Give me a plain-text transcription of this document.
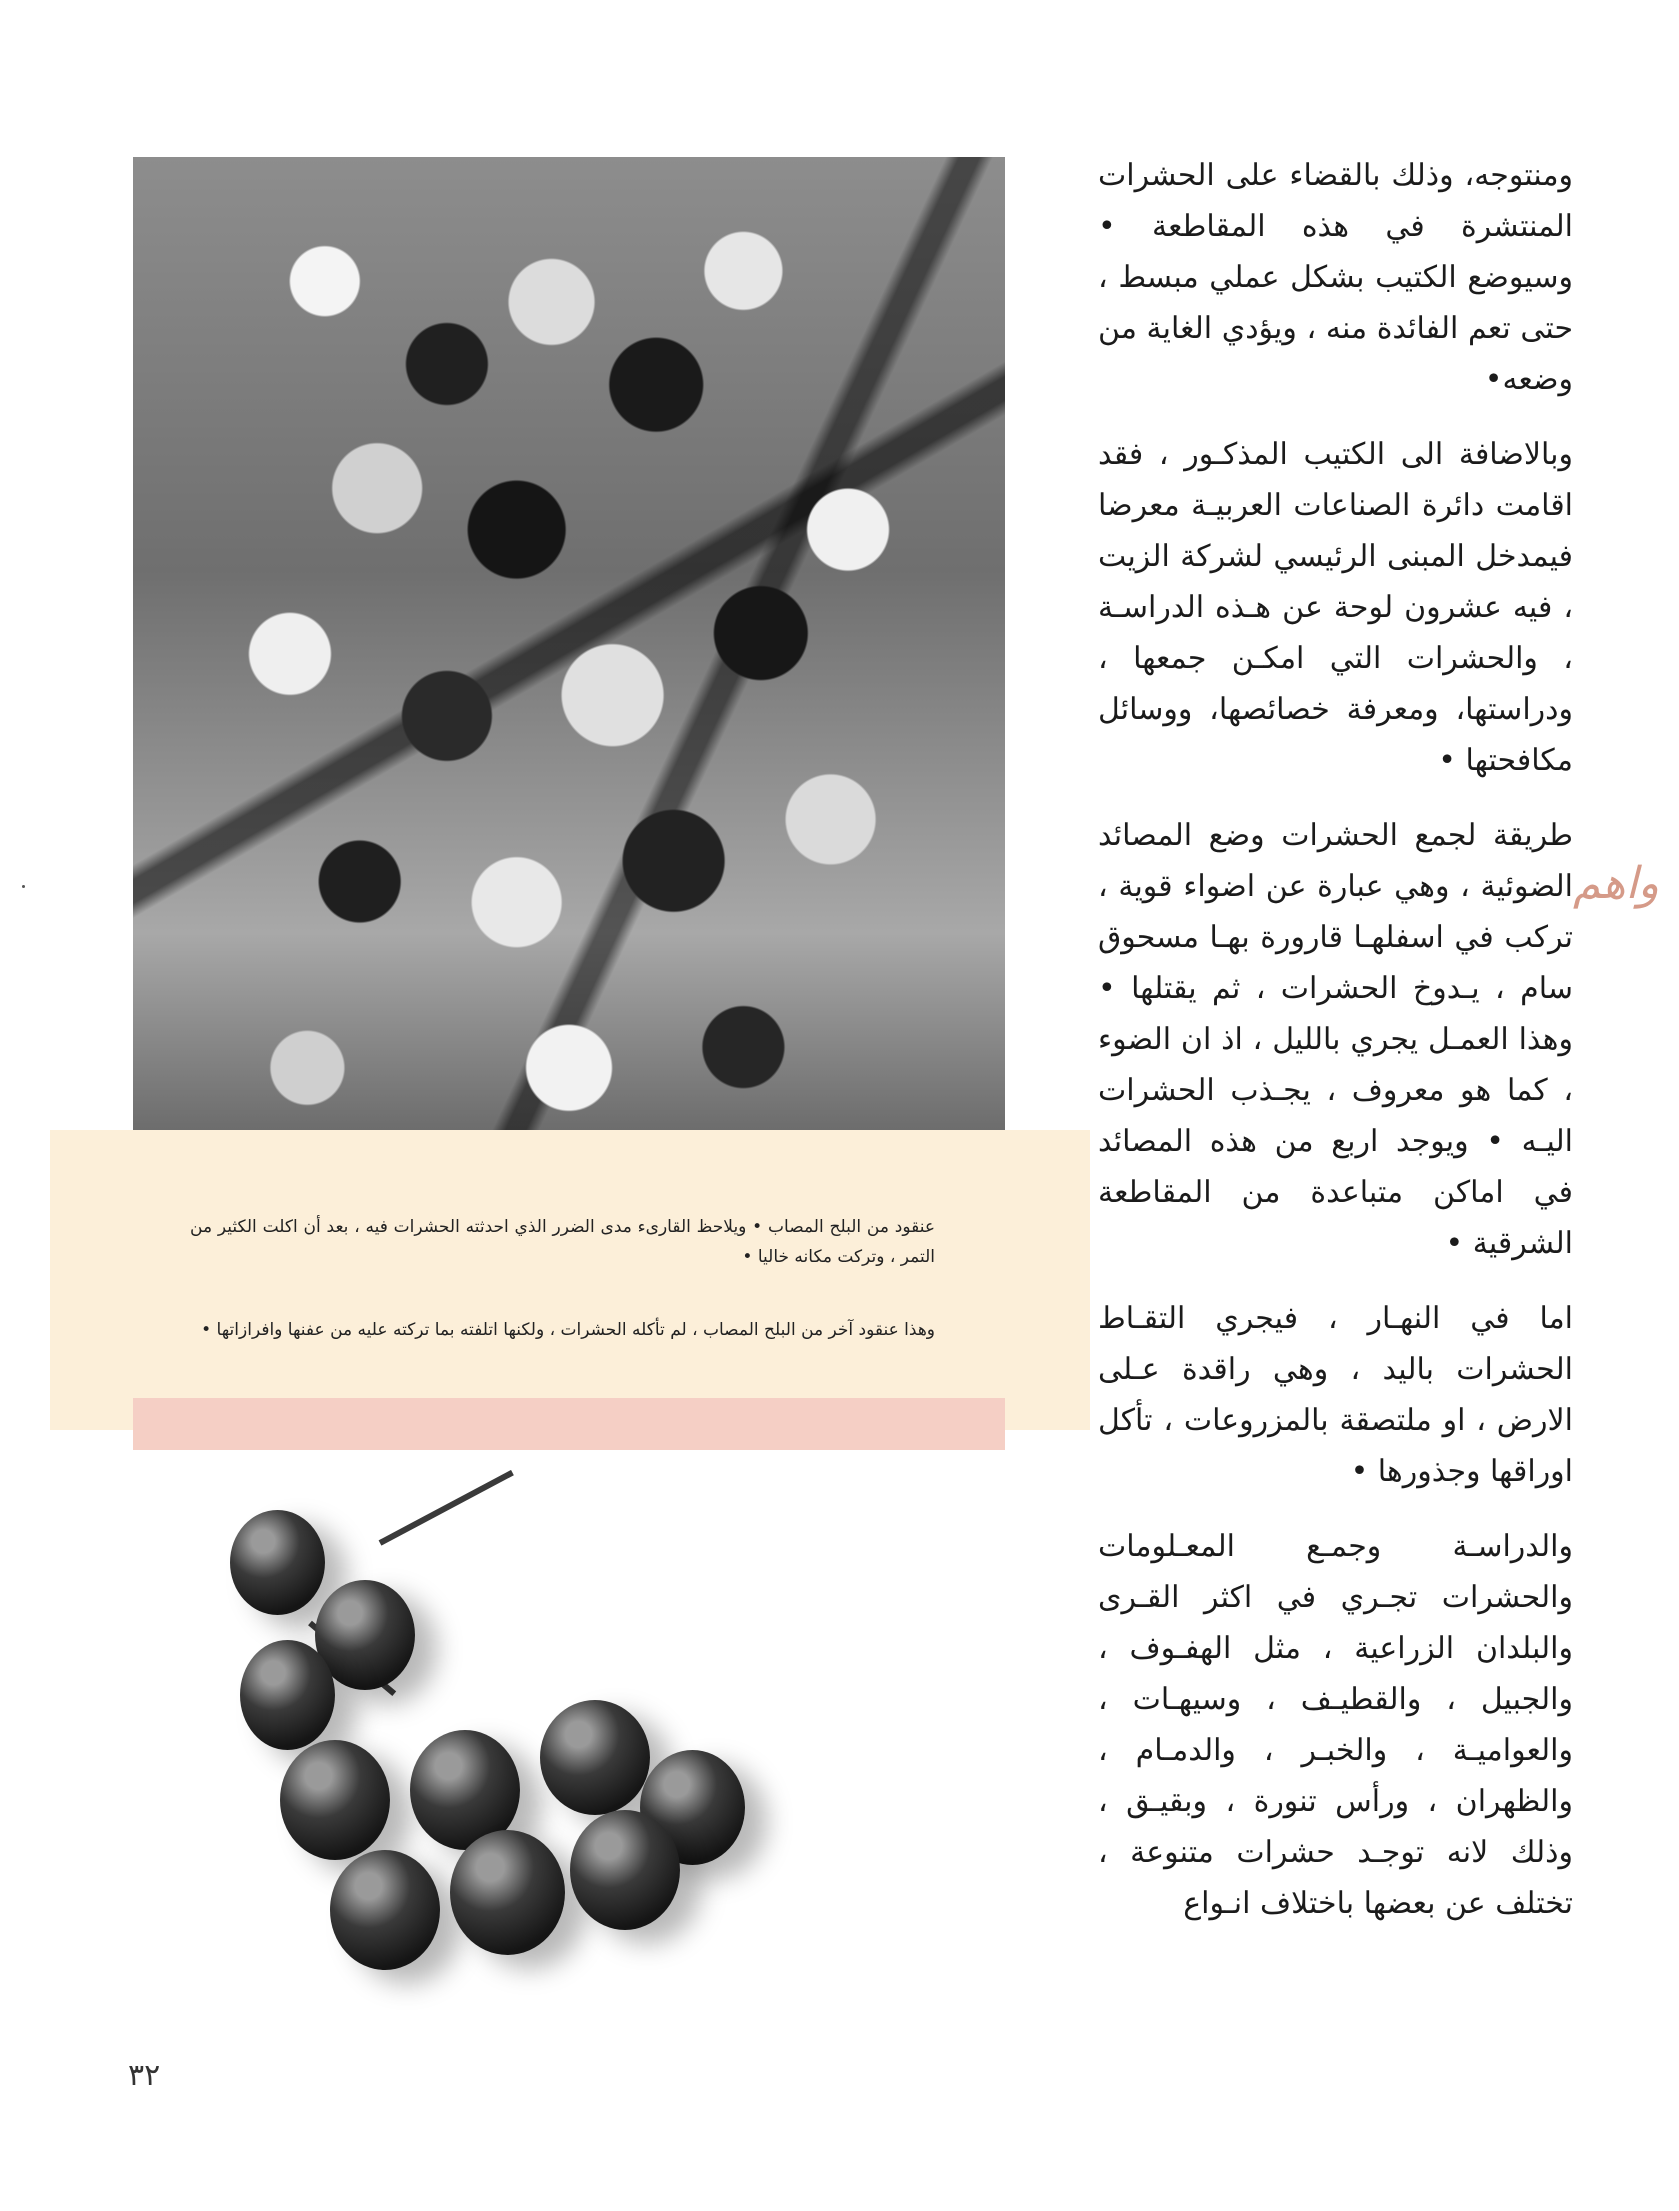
عنقود من البلح المصاب • ويلاحظ القارىء مدى الضرر الذي احدثته الحشرات فيه ، بعد أن اكلت الكثير من التمر ، وتركت مكانه خاليا •
وهذا عنقود آخر من البلح المصاب ، لم تأكله الحشرات ، ولكنها اتلفته بما تركته عليه من عفنها وافرازاتها •

ومنتوجه، وذلك بالقضاء على الحشرات المنتشرة في هذه المقاطعة • وسيوضع الكتيب بشكل عملي مبسط ، حتى تعم الفائدة منه ، ويؤدي الغاية من وضعه•

وبالاضافة الى الكتيب المذكـور ، فقد اقامت دائرة الصناعات العربيـة معرضا فيمدخل المبنى الرئيسي لشركة الزيت ، فيه عشرون لوحة عن هـذه الدراسـة ، والحشرات التي امكـن جمعها ، ودراستها، ومعرفة خصائصها، ووسائل مكافحتها •

واهم
طريقة لجمع الحشرات وضع المصائد الضوئية ، وهي عبارة عن اضواء قوية ، تركب في اسفلهـا قارورة بهـا مسحوق سام ، يـدوخ الحشرات ، ثم يقتلها • وهذا العمـل يجري بالليل ، اذ ان الضوء ، كما هو معروف ، يجـذب الحشرات اليـه • ويوجد اربع من هذه المصائد في اماكن متباعدة من المقاطعة الشرقية •

اما في النهـار ، فيجري التقـاط الحشرات باليد ، وهي راقدة عـلى الارض ، او ملتصقة بالمزروعات ، تأكل اوراقها وجذورها •

والدراسـة وجمـع المعـلومات والحشرات تجـري في اكثر القـرى والبلدان الزراعية ، مثل الهفـوف ، والجبيل ، والقطيـف ، وسيهـات ، والعواميـة ، والخبـر ، والدمـام ، والظهران ، ورأس تنورة ، وبقيـق ، وذلك لانه توجـد حشرات متنوعة ، تختلف عن بعضها باختلاف انـواع

٣٢
